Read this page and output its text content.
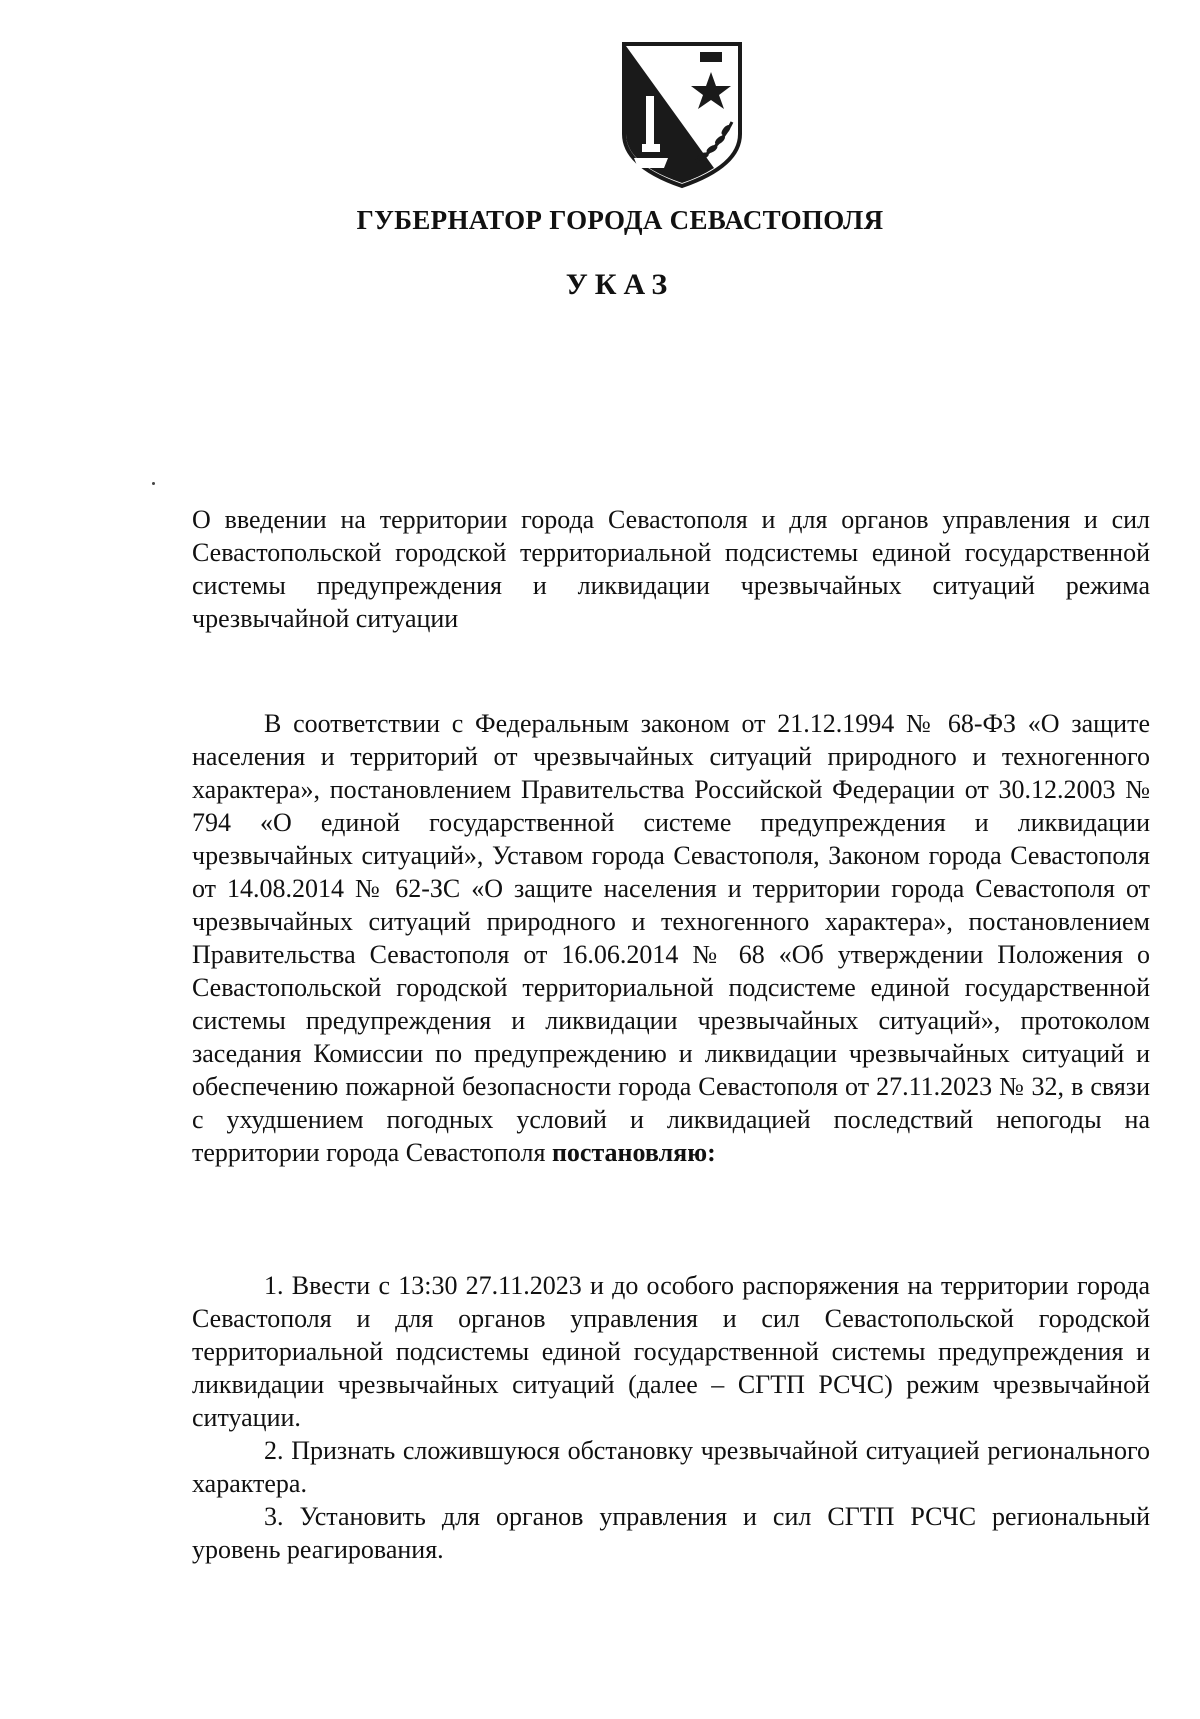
ГУБЕРНАТОР ГОРОДА СЕВАСТОПОЛЯ
УКАЗ
О введении на территории города Севастополя и для органов управления и сил Севастопольской городской территориальной подсистемы единой государственной системы предупреждения и ликвидации чрезвычайных ситуаций режима чрезвычайной ситуации
В соответствии с Федеральным законом от 21.12.1994 № 68-ФЗ «О защите населения и территорий от чрезвычайных ситуаций природного и техногенного характера», постановлением Правительства Российской Федерации от 30.12.2003 № 794 «О единой государственной системе предупреждения и ликвидации чрезвычайных ситуаций», Уставом города Севастополя, Законом города Севастополя от 14.08.2014 № 62-ЗС «О защите населения и территории города Севастополя от чрезвычайных ситуаций природного и техногенного характера», постановлением Правительства Севастополя от 16.06.2014 № 68 «Об утверждении Положения о Севастопольской городской территориальной подсистеме единой государственной системы предупреждения и ликвидации чрезвычайных ситуаций», протоколом заседания Комиссии по предупреждению и ликвидации чрезвычайных ситуаций и обеспечению пожарной безопасности города Севастополя от 27.11.2023 № 32, в связи с ухудшением погодных условий и ликвидацией последствий непогоды на территории города Севастополя постановляю:

1. Ввести с 13:30 27.11.2023 и до особого распоряжения на территории города Севастополя и для органов управления и сил Севастопольской городской территориальной подсистемы единой государственной системы предупреждения и ликвидации чрезвычайных ситуаций (далее – СГТП РСЧС) режим чрезвычайной ситуации.

2. Признать сложившуюся обстановку чрезвычайной ситуацией регионального характера.

3. Установить для органов управления и сил СГТП РСЧС региональный уровень реагирования.
